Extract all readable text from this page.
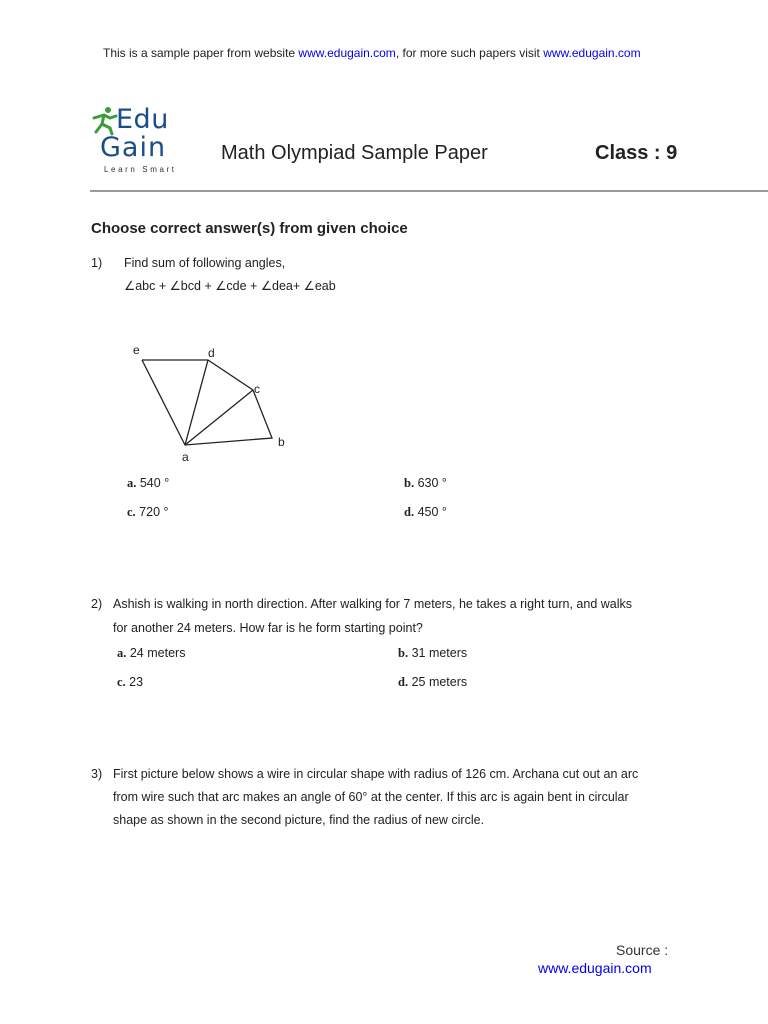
This is a sample paper from website www.edugain.com, for more such papers visit www.edugain.com
Edu
Gain
Learn Smart
Math Olympiad Sample Paper	Class : 9
Choose correct answer(s) from given choice
1) Find sum of following angles,
∠abc + ∠bcd + ∠cde + ∠dea+ ∠eab
e	d
c
b
a
a. 540 °	b. 630 °
c. 720 °	d. 450 °
2) Ashish is walking in north direction. After walking for 7 meters, he takes a right turn, and walks
for another 24 meters. How far is he form starting point?
a. 24 meters	b. 31 meters
c. 23	d. 25 meters
3) First picture below shows a wire in circular shape with radius of 126 cm. Archana cut out an arc
from wire such that arc makes an angle of 60° at the center. If this arc is again bent in circular
shape as shown in the second picture, find the radius of new circle.
Source :
www.edugain.com
